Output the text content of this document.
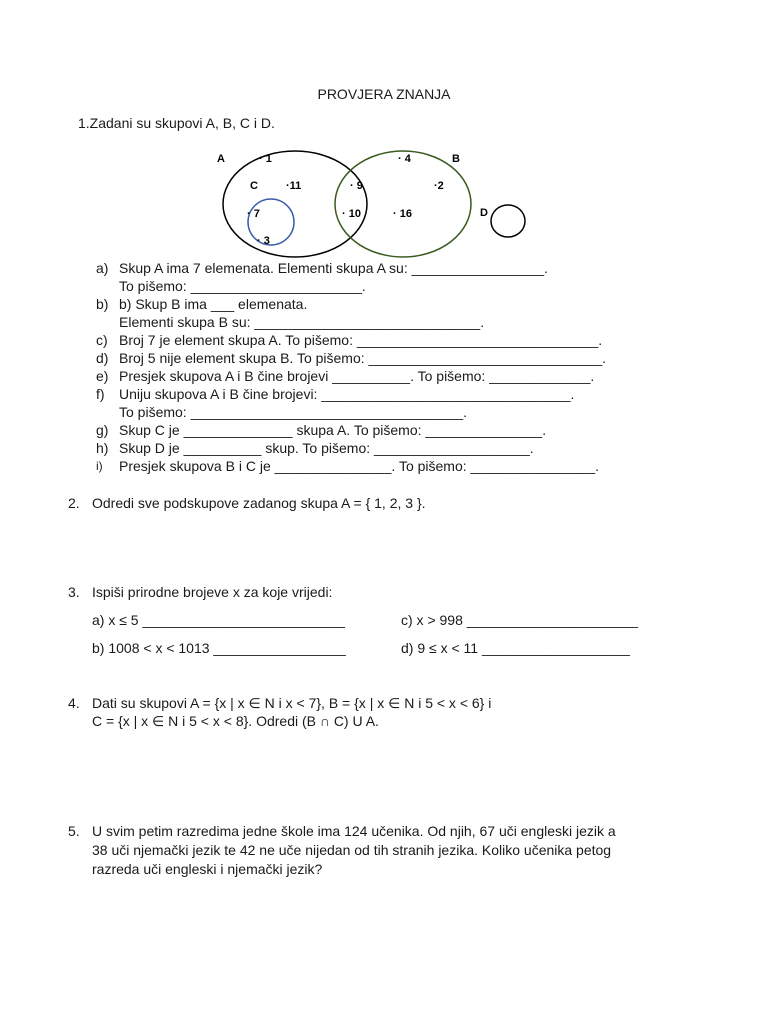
PROVJERA ZNANJA
1.Zadani su skupovi A, B, C i D.
A	B
C
D
· 1	· 4
·11	· 9	·2
· 7	· 10	· 16
· 3
a) Skup A ima 7 elemenata. Elementi skupa A su: _________________.
To pišemo: ______________________.
b) b) Skup B ima ___ elemenata.
Elementi skupa B su: _____________________________.
c) Broj 7 je element skupa A. To pišemo: _______________________________.
d) Broj 5 nije element skupa B. To pišemo: ______________________________.
e) Presjek skupova A i B čine brojevi __________. To pišemo: _____________.
f) Uniju skupova A i B čine brojevi: ________________________________.
To pišemo: ___________________________________.
g) Skup C je ______________ skupa A. To pišemo: _______________.
h) Skup D je __________ skup. To pišemo: ____________________.
i) Presjek skupova B i C je _______________. To pišemo: ________________.
2. Odredi sve podskupove zadanog skupa A = { 1, 2, 3 }.
3. Ispiši prirodne brojeve x za koje vrijedi:
a) x ≤ 5 __________________________	c) x > 998 ______________________
b) 1008 < x < 1013 _________________	d) 9 ≤ x < 11 ___________________
4. Dati su skupovi A = {x | x ∈ N i x < 7}, B = {x | x ∈ N i 5 < x < 6} i
C = {x | x ∈ N i 5 < x < 8}. Odredi (B ∩ C) U A.
5. U svim petim razredima jedne škole ima 124 učenika. Od njih, 67 uči engleski jezik a
38 uči njemački jezik te 42 ne uče nijedan od tih stranih jezika. Koliko učenika petog
razreda uči engleski i njemački jezik?
